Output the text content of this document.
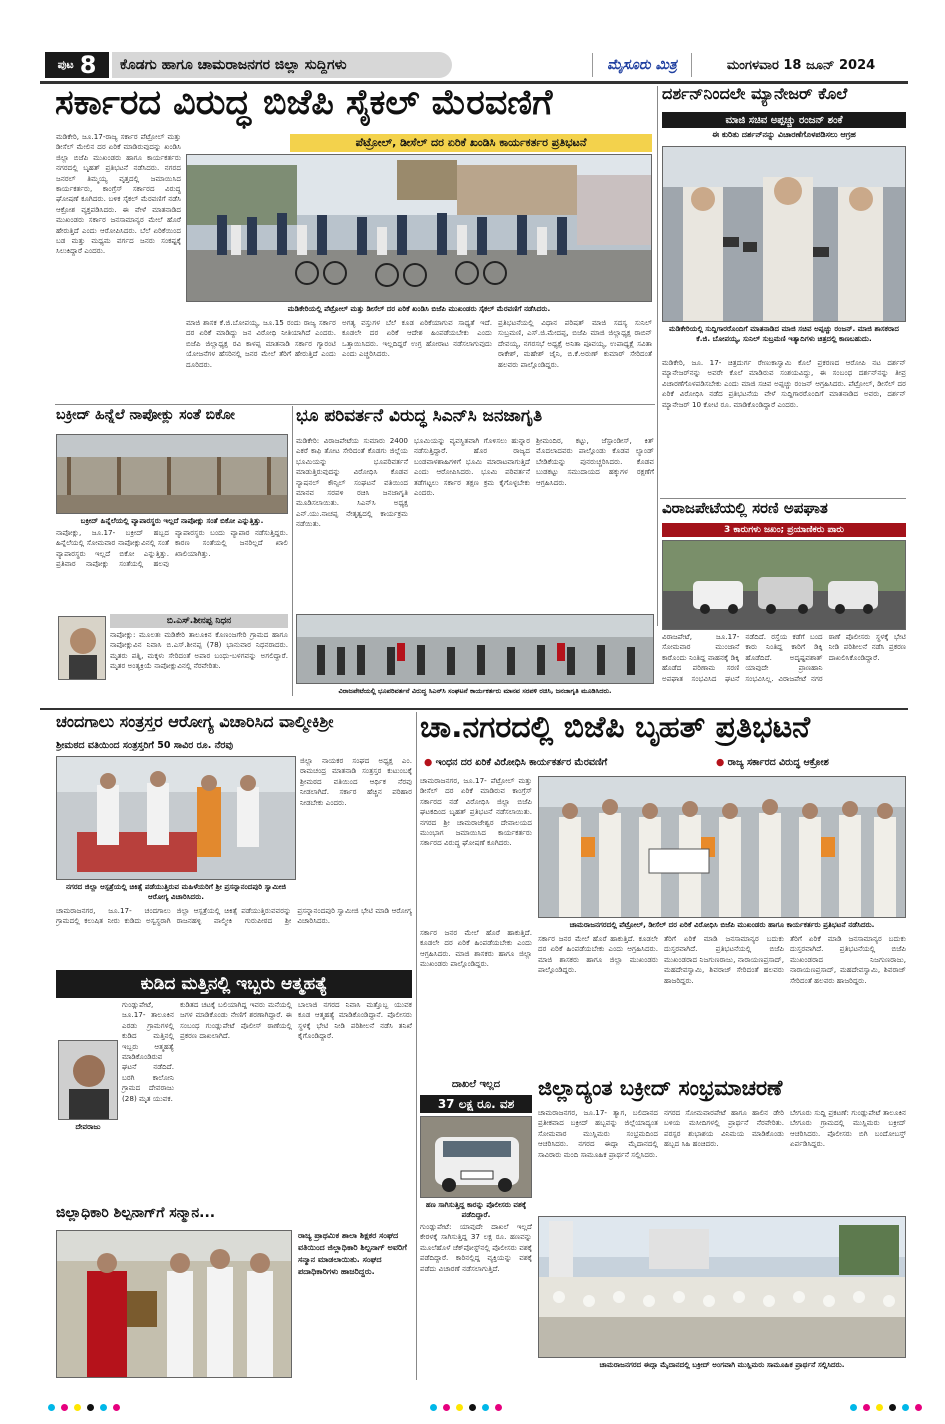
ಪುಟ 8	ಕೊಡಗು ಹಾಗೂ ಚಾಮರಾಜನಗರ ಜಿಲ್ಲಾ ಸುದ್ದಿಗಳು	ಮೈಸೂರು ಮಿತ್ರ	ಮಂಗಳವಾರ 18 ಜೂನ್ 2024
ಸರ್ಕಾರದ ವಿರುದ್ಧ ಬಿಜೆಪಿ ಸೈಕಲ್ ಮೆರವಣಿಗೆ
ಪೆಟ್ರೋಲ್, ಡೀಸೆಲ್ ದರ ಏರಿಕೆ ಖಂಡಿಸಿ ಕಾರ್ಯಕರ್ತರ ಪ್ರತಿಭಟನೆ
ಮಡಿಕೇರಿ, ಜೂ.17-ರಾಜ್ಯ ಸರ್ಕಾರ ಪೆಟ್ರೋಲ್ ಮತ್ತು ಡೀಸೆಲ್ ಮೇಲಿನ ದರ ಏರಿಕೆ ಮಾಡಿರುವುದನ್ನು ಖಂಡಿಸಿ ಜಿಲ್ಲಾ ಬಿಜೆಪಿ ಮುಖಂಡರು ಹಾಗೂ ಕಾರ್ಯಕರ್ತರು ನಗರದಲ್ಲಿ ಬೃಹತ್ ಪ್ರತಿಭಟನೆ ನಡೆಸಿದರು. ನಗರದ ಜನರಲ್ ತಿಮ್ಮಯ್ಯ ವೃತ್ತದಲ್ಲಿ ಜಮಾಯಿಸಿದ ಕಾರ್ಯಕರ್ತರು, ಕಾಂಗ್ರೆಸ್ ಸರ್ಕಾರದ ವಿರುದ್ಧ ಘೋಷಣೆ ಕೂಗಿದರು. ಬಳಿಕ ಸೈಕಲ್ ಮೆರವಣಿಗೆ ನಡೆಸಿ ಆಕ್ರೋಶ ವ್ಯಕ್ತಪಡಿಸಿದರು. ಈ ವೇಳೆ ಮಾತನಾಡಿದ ಮುಖಂಡರು ಸರ್ಕಾರ ಜನಸಾಮಾನ್ಯರ ಮೇಲೆ ಹೊರೆ ಹೇರುತ್ತಿದೆ ಎಂದು ಆರೋಪಿಸಿದರು. ಬೆಲೆ ಏರಿಕೆಯಿಂದ ಬಡ ಮತ್ತು ಮಧ್ಯಮ ವರ್ಗದ ಜನರು ಸಂಕಷ್ಟಕ್ಕೆ ಸಿಲುಕಿದ್ದಾರೆ ಎಂದರು.
ಮಡಿಕೇರಿಯಲ್ಲಿ ಪೆಟ್ರೋಲ್ ಮತ್ತು ಡೀಸೆಲ್ ದರ ಏರಿಕೆ ಖಂಡಿಸಿ ಬಿಜೆಪಿ ಮುಖಂಡರು ಸೈಕಲ್ ಮೆರವಣಿಗೆ ನಡೆಸಿದರು.
ಮಾಜಿ ಶಾಸಕ ಕೆ.ಜಿ.ಬೋಪಯ್ಯ, ಜೂ.15 ರಂದು ರಾಜ್ಯ ಸರ್ಕಾರ ದರ ಏರಿಕೆ ಮಾಡಿದ್ದು ಜನ ವಿರೋಧಿ ನೀತಿಯಾಗಿದೆ ಎಂದರು. ಬಿಜೆಪಿ ಜಿಲ್ಲಾಧ್ಯಕ್ಷ ರವಿ ಕಾಳಪ್ಪ ಮಾತನಾಡಿ ಸರ್ಕಾರ ಗ್ಯಾರಂಟಿ ಯೋಜನೆಗಳ ಹೆಸರಿನಲ್ಲಿ ಜನರ ಮೇಲೆ ತೆರಿಗೆ ಹೇರುತ್ತಿದೆ ಎಂದು ದೂರಿದರು.
ಅಗತ್ಯ ವಸ್ತುಗಳ ಬೆಲೆ ಕೂಡ ಏರಿಕೆಯಾಗುವ ಸಾಧ್ಯತೆ ಇದೆ. ಕೂಡಲೇ ದರ ಏರಿಕೆ ಆದೇಶ ಹಿಂಪಡೆಯಬೇಕು ಎಂದು ಒತ್ತಾಯಿಸಿದರು. ಇಲ್ಲದಿದ್ದರೆ ಉಗ್ರ ಹೋರಾಟ ನಡೆಸಲಾಗುವುದು ಎಂದು ಎಚ್ಚರಿಸಿದರು.
ಪ್ರತಿಭಟನೆಯಲ್ಲಿ ವಿಧಾನ ಪರಿಷತ್ ಮಾಜಿ ಸದಸ್ಯ ಸುನಿಲ್ ಸುಬ್ರಮಣಿ, ಎಸ್.ಜಿ.ಮೇದಪ್ಪ, ಬಿಜೆಪಿ ಮಾಜಿ ಜಿಲ್ಲಾಧ್ಯಕ್ಷ ರಾಬಿನ್ ದೇವಯ್ಯ, ನಗರಸಭೆ ಅಧ್ಯಕ್ಷೆ ಅನಿತಾ ಪೂವಯ್ಯ, ಉಪಾಧ್ಯಕ್ಷೆ ಸವಿತಾ ರಾಕೇಶ್, ಮಹೇಶ್ ಜೈನಿ, ಬಿ.ಕೆ.ಅರುಣ್ ಕುಮಾರ್ ಸೇರಿದಂತೆ ಹಲವರು ಪಾಲ್ಗೊಂಡಿದ್ದರು.
ದರ್ಶನ್‌ನಿಂದಲೇ ಮ್ಯಾನೇಜರ್ ಕೊಲೆ
ಮಾಜಿ ಸಚಿವ ಅಪ್ಪಚ್ಚು ರಂಜನ್ ಶಂಕೆ
ಈ ಕುರಿತು ದರ್ಶನ್‌ನನ್ನು ವಿಚಾರಣೆಗೊಳಪಡಿಸಲು ಆಗ್ರಹ
ಮಡಿಕೇರಿಯಲ್ಲಿ ಸುದ್ದಿಗಾರರೊಂದಿಗೆ ಮಾತನಾಡಿದ ಮಾಜಿ ಸಚಿವ ಅಪ್ಪಚ್ಚು ರಂಜನ್. ಮಾಜಿ ಶಾಸಕರಾದ ಕೆ.ಜಿ. ಬೋಪಯ್ಯ, ಸುನಿಲ್ ಸುಬ್ರಮಣಿ ಇತ್ಯಾದಿಗಳು ಚಿತ್ರದಲ್ಲಿ ಕಾಣಬಹುದು.
ಮಡಿಕೇರಿ, ಜೂ. 17- ಚಿತ್ರದುರ್ಗ ರೇಣುಕಾಸ್ವಾಮಿ ಕೊಲೆ ಪ್ರಕರಣದ ಆರೋಪಿ ನಟ ದರ್ಶನ್ ಮ್ಯಾನೇಜರ್‌ನನ್ನು ಅವರೇ ಕೊಲೆ ಮಾಡಿರುವ ಸಂಶಯವಿದ್ದು, ಈ ಸಂಬಂಧ ದರ್ಶನ್‌ನನ್ನು ತೀವ್ರ ವಿಚಾರಣೆಗೊಳಪಡಿಸಬೇಕು ಎಂದು ಮಾಜಿ ಸಚಿವ ಅಪ್ಪಚ್ಚು ರಂಜನ್ ಆಗ್ರಹಿಸಿದರು. ಪೆಟ್ರೋಲ್, ಡೀಸೆಲ್ ದರ ಏರಿಕೆ ವಿರೋಧಿಸಿ ನಡೆದ ಪ್ರತಿಭಟನೆಯ ವೇಳೆ ಸುದ್ದಿಗಾರರೊಂದಿಗೆ ಮಾತನಾಡಿದ ಅವರು, ದರ್ಶನ್ ಮ್ಯಾನೇಜರ್ 10 ಕೋಟಿ ರೂ. ಮಾಡಿಕೊಂಡಿದ್ದಾರೆ ಎಂದರು.
ವಿರಾಜಪೇಟೆಯಲ್ಲಿ ಸರಣಿ ಅಪಘಾತ
3 ಕಾರುಗಳು ಜಖಂ; ಪ್ರಯಾಣಿಕರು ಪಾರು
ವಿರಾಜಪೇಟೆ, ಜೂ.17- ಸೋಮವಾರ ಮುಂಜಾನೆ ಕಾರೊಂದು ನಿಂತಿದ್ದ ವಾಹನಕ್ಕೆ ಡಿಕ್ಕಿ ಹೊಡೆದ ಪರಿಣಾಮ ಸರಣಿ ಅಪಘಾತ ಸಂಭವಿಸಿದ ಘಟನೆ ನಡೆದಿದೆ. ರಸ್ತೆಯ ಕಡೆಗೆ ಬಂದ ಕಾರು ನಿಂತಿದ್ದ ಕಾರಿಗೆ ಡಿಕ್ಕಿ ಹೊಡೆದಿದೆ. ಅದೃಷ್ಟವಶಾತ್ ಯಾವುದೇ ಪ್ರಾಣಹಾನಿ ಸಂಭವಿಸಿಲ್ಲ. ವಿರಾಜಪೇಟೆ ನಗರ ಠಾಣೆ ಪೊಲೀಸರು ಸ್ಥಳಕ್ಕೆ ಭೇಟಿ ನೀಡಿ ಪರಿಶೀಲನೆ ನಡೆಸಿ ಪ್ರಕರಣ ದಾಖಲಿಸಿಕೊಂಡಿದ್ದಾರೆ.
ಬಕ್ರೀದ್ ಹಿನ್ನೆಲೆ ನಾಪೋಕ್ಲು ಸಂತೆ ಬಿಕೋ
ಬಕ್ರೀದ್ ಹಿನ್ನೆಲೆಯಲ್ಲಿ ವ್ಯಾಪಾರಸ್ಥರು ಇಲ್ಲದೆ ನಾಪೋಕ್ಲು ಸಂತೆ ಬಿಕೋ ಎನ್ನುತ್ತಿತ್ತು.
ನಾಪೋಕ್ಲು, ಜೂ.17- ಬಕ್ರೀದ್ ಹಬ್ಬದ ಹಿನ್ನೆಲೆಯಲ್ಲಿ ಸೋಮವಾರ ನಾಪೋಕ್ಲುವಿನಲ್ಲಿ ಸಂತೆ ವ್ಯಾಪಾರಸ್ಥರು ಇಲ್ಲದೆ ಬಿಕೋ ಎನ್ನುತ್ತಿತ್ತು. ಪ್ರತಿವಾರ ನಾಪೋಕ್ಲು ಸಂತೆಯಲ್ಲಿ ಹಲವು ವ್ಯಾಪಾರಸ್ಥರು ಬಂದು ವ್ಯಾಪಾರ ನಡೆಸುತ್ತಿದ್ದರು. ಕಾರಣ ಸಂತೆಯಲ್ಲಿ ಜನರಿಲ್ಲದೆ ಖಾಲಿ ಖಾಲಿಯಾಗಿತ್ತು.
ಬಿ.ಎಸ್.ಶೀನಪ್ಪ ನಿಧನ
ನಾಪೋಕ್ಲು: ಮೂಲತಃ ಮಡಿಕೇರಿ ತಾಲೂಕಿನ ಕೊಣಂಜಗೇರಿ ಗ್ರಾಮದ ಹಾಗೂ ನಾಪೋಕ್ಲುವಿನ ನಿವಾಸಿ ಬಿ.ಎಸ್.ಶೀನಪ್ಪ (78) ಭಾನುವಾರ ನಿಧನರಾದರು. ಮೃತರು ಪತ್ನಿ, ಮಕ್ಕಳು ಸೇರಿದಂತೆ ಅಪಾರ ಬಂಧು-ಬಳಗವನ್ನು ಅಗಲಿದ್ದಾರೆ. ಮೃತರ ಅಂತ್ಯಕ್ರಿಯೆ ನಾಪೋಕ್ಲುವಿನಲ್ಲಿ ನೆರವೇರಿತು.
ಭೂ ಪರಿವರ್ತನೆ ವಿರುದ್ಧ ಸಿಎನ್‌ಸಿ ಜನಜಾಗೃತಿ
ಮಡಿಕೇರಿ: ವಿರಾಜಪೇಟೆಯ ಸುಮಾರು 2400 ಎಕರೆ ಕಾಫಿ ತೋಟ ಸೇರಿದಂತೆ ಕೊಡಗು ಜಿಲ್ಲೆಯ ಭೂಮಿಯನ್ನು ಭೂಪರಿವರ್ತನೆ ಮಾಡುತ್ತಿರುವುದನ್ನು ವಿರೋಧಿಸಿ ಕೊಡವ ನ್ಯಾಷನಲ್ ಕೌನ್ಸಿಲ್ ಸಂಘಟನೆ ವತಿಯಿಂದ ಮಾನವ ಸರಪಳಿ ರಚಿಸಿ ಜನಜಾಗೃತಿ ಮೂಡಿಸಲಾಯಿತು. ಸಿಎನ್‌ಸಿ ಅಧ್ಯಕ್ಷ ಎನ್.ಯು.ನಾಚಪ್ಪ ನೇತೃತ್ವದಲ್ಲಿ ಕಾರ್ಯಕ್ರಮ ನಡೆಯಿತು.
ಭೂಮಿಯನ್ನು ವ್ಯವಸ್ಥಿತವಾಗಿ ಗೊಳಿಸಲು ಹುನ್ನಾರ ನಡೆಸುತ್ತಿದ್ದಾರೆ. ಹೊರ ರಾಜ್ಯದ ಬಂಡವಾಳಶಾಹಿಗಳಿಗೆ ಭೂಮಿ ಮಾರಾಟವಾಗುತ್ತಿದೆ ಎಂದು ಆರೋಪಿಸಿದರು. ಭೂಮಿ ಪರಿವರ್ತನೆ ತಡೆಗಟ್ಟಲು ಸರ್ಕಾರ ತಕ್ಷಣ ಕ್ರಮ ಕೈಗೊಳ್ಳಬೇಕು ಎಂದರು.
ಶ್ರೀಮಂದಿರ, ಕಟ್ಟು, ಜೆಸ್ಪಾಂಡೀಸ್, ಕಿತ್ ಮೊದಲಾದವರು ಪಾಲ್ಗೊಂಡು ಕೊಡವ ಲ್ಯಾಂಡ್ ಬೇಡಿಕೆಯನ್ನು ಪುನರುಚ್ಚರಿಸಿದರು. ಕೊಡವ ಬುಡಕಟ್ಟು ಸಮುದಾಯದ ಹಕ್ಕುಗಳ ರಕ್ಷಣೆಗೆ ಆಗ್ರಹಿಸಿದರು.
ವಿರಾಜಪೇಟೆಯಲ್ಲಿ ಭೂಪರಿವರ್ತನೆ ವಿರುದ್ಧ ಸಿಎನ್‌ಸಿ ಸಂಘಟನೆ ಕಾರ್ಯಕರ್ತರು ಮಾನವ ಸರಪಳಿ ರಚಿಸಿ, ಜನಜಾಗೃತಿ ಮೂಡಿಸಿದರು.
ಚಂದಗಾಲು ಸಂತ್ರಸ್ತರ ಆರೋಗ್ಯ ವಿಚಾರಿಸಿದ ವಾಲ್ಮೀಕಿಶ್ರೀ
ಶ್ರೀಮಠದ ವತಿಯಿಂದ ಸಂತ್ರಸ್ತರಿಗೆ 50 ಸಾವಿರ ರೂ. ನೆರವು
ನಗರದ ಜಿಲ್ಲಾ ಆಸ್ಪತ್ರೆಯಲ್ಲಿ ಚಿಕಿತ್ಸೆ ಪಡೆಯುತ್ತಿರುವ ಮಹಿಳೆಯರಿಗೆ ಶ್ರೀ ಪ್ರಸನ್ನಾನಂದಪುರಿ ಸ್ವಾಮೀಜಿ ಆರೋಗ್ಯ ವಿಚಾರಿಸಿದರು.
ಚಾಮರಾಜನಗರ, ಜೂ.17- ಚಂದಗಾಲು ಗ್ರಾಮದಲ್ಲಿ ಕಲುಷಿತ ನೀರು ಕುಡಿದು ಅಸ್ವಸ್ಥರಾಗಿ ಜಿಲ್ಲಾ ಆಸ್ಪತ್ರೆಯಲ್ಲಿ ಚಿಕಿತ್ಸೆ ಪಡೆಯುತ್ತಿರುವವರನ್ನು ರಾಜನಹಳ್ಳಿ ವಾಲ್ಮೀಕಿ ಗುರುಪೀಠದ ಶ್ರೀ ಪ್ರಸನ್ನಾನಂದಪುರಿ ಸ್ವಾಮೀಜಿ ಭೇಟಿ ಮಾಡಿ ಆರೋಗ್ಯ ವಿಚಾರಿಸಿದರು.
ಜಿಲ್ಲಾ ನಾಯಕರ ಸಂಘದ ಅಧ್ಯಕ್ಷ ಎಂ. ರಾಮಚಂದ್ರ ಮಾತನಾಡಿ ಸಂತ್ರಸ್ತರ ಕುಟುಂಬಕ್ಕೆ ಶ್ರೀಮಠದ ವತಿಯಿಂದ ಆರ್ಥಿಕ ನೆರವು ನೀಡಲಾಗಿದೆ. ಸರ್ಕಾರ ಹೆಚ್ಚಿನ ಪರಿಹಾರ ನೀಡಬೇಕು ಎಂದರು.
ಚಾ.ನಗರದಲ್ಲಿ ಬಿಜೆಪಿ ಬೃಹತ್ ಪ್ರತಿಭಟನೆ
● ಇಂಧನ ದರ ಏರಿಕೆ ವಿರೋಧಿಸಿ ಕಾರ್ಯಕರ್ತರ ಮೆರವಣಿಗೆ	● ರಾಜ್ಯ ಸರ್ಕಾರದ ವಿರುದ್ಧ ಆಕ್ರೋಶ
ಚಾಮರಾಜನಗರ, ಜೂ.17- ಪೆಟ್ರೋಲ್ ಮತ್ತು ಡೀಸೆಲ್ ದರ ಏರಿಕೆ ಮಾಡಿರುವ ಕಾಂಗ್ರೆಸ್ ಸರ್ಕಾರದ ನಡೆ ವಿರೋಧಿಸಿ ಜಿಲ್ಲಾ ಬಿಜೆಪಿ ಘಟಕದಿಂದ ಬೃಹತ್ ಪ್ರತಿಭಟನೆ ನಡೆಸಲಾಯಿತು. ನಗರದ ಶ್ರೀ ಚಾಮರಾಜೇಶ್ವರ ದೇವಾಲಯದ ಮುಂಭಾಗ ಜಮಾಯಿಸಿದ ಕಾರ್ಯಕರ್ತರು ಸರ್ಕಾರದ ವಿರುದ್ಧ ಘೋಷಣೆ ಕೂಗಿದರು.
ಚಾಮರಾಜನಗರದಲ್ಲಿ ಪೆಟ್ರೋಲ್, ಡೀಸೆಲ್ ದರ ಏರಿಕೆ ವಿರೋಧಿಸಿ ಬಿಜೆಪಿ ಮುಖಂಡರು ಹಾಗೂ ಕಾರ್ಯಕರ್ತರು ಪ್ರತಿಭಟನೆ ನಡೆಸಿದರು.
ಸರ್ಕಾರ ಜನರ ಮೇಲೆ ಹೊರೆ ಹಾಕುತ್ತಿದೆ. ಕೂಡಲೇ ದರ ಏರಿಕೆ ಹಿಂಪಡೆಯಬೇಕು ಎಂದು ಆಗ್ರಹಿಸಿದರು. ಮಾಜಿ ಶಾಸಕರು ಹಾಗೂ ಜಿಲ್ಲಾ ಮುಖಂಡರು ಪಾಲ್ಗೊಂಡಿದ್ದರು.
ಸರ್ಕಾರ ಜನರ ಮೇಲೆ ಹೊರೆ ಹಾಕುತ್ತಿದೆ. ಕೂಡಲೇ ದರ ಏರಿಕೆ ಹಿಂಪಡೆಯಬೇಕು ಎಂದು ಆಗ್ರಹಿಸಿದರು. ಮಾಜಿ ಶಾಸಕರು ಹಾಗೂ ಜಿಲ್ಲಾ ಮುಖಂಡರು ಪಾಲ್ಗೊಂಡಿದ್ದರು.
ತೆರಿಗೆ ಏರಿಕೆ ಮಾಡಿ ಜನಸಾಮಾನ್ಯರ ಬದುಕು ದುಸ್ತರವಾಗಿದೆ. ಪ್ರತಿಭಟನೆಯಲ್ಲಿ ಬಿಜೆಪಿ ಮುಖಂಡರಾದ ನಿಜಗುಣರಾಜು, ನಾರಾಯಣಪ್ರಸಾದ್, ಮಹದೇವಸ್ವಾಮಿ, ಶಿವರಾಜ್ ಸೇರಿದಂತೆ ಹಲವರು ಹಾಜರಿದ್ದರು.
ತೆರಿಗೆ ಏರಿಕೆ ಮಾಡಿ ಜನಸಾಮಾನ್ಯರ ಬದುಕು ದುಸ್ತರವಾಗಿದೆ. ಪ್ರತಿಭಟನೆಯಲ್ಲಿ ಬಿಜೆಪಿ ಮುಖಂಡರಾದ ನಿಜಗುಣರಾಜು, ನಾರಾಯಣಪ್ರಸಾದ್, ಮಹದೇವಸ್ವಾಮಿ, ಶಿವರಾಜ್ ಸೇರಿದಂತೆ ಹಲವರು ಹಾಜರಿದ್ದರು.
ಕುಡಿದ ಮತ್ತಿನಲ್ಲಿ ಇಬ್ಬರು ಆತ್ಮಹತ್ಯೆ
ದೇವರಾಜು
ಗುಂಡ್ಲುಪೇಟೆ, ಜೂ.17- ತಾಲೂಕಿನ ಎರಡು ಗ್ರಾಮಗಳಲ್ಲಿ ಕುಡಿದ ಮತ್ತಿನಲ್ಲಿ ಇಬ್ಬರು ಆತ್ಮಹತ್ಯೆ ಮಾಡಿಕೊಂಡಿರುವ ಘಟನೆ ನಡೆದಿದೆ. ಬರಗಿ ಕಾಲೋನಿ ಗ್ರಾಮದ ದೇವರಾಜು (28) ಮೃತ ಯುವಕ.
ಕುಡಿತದ ಚಟಕ್ಕೆ ಬಲಿಯಾಗಿದ್ದ ಇವರು ಮನೆಯಲ್ಲಿ ಜಗಳ ಮಾಡಿಕೊಂಡು ನೇಣಿಗೆ ಶರಣಾಗಿದ್ದಾರೆ. ಈ ಸಂಬಂಧ ಗುಂಡ್ಲುಪೇಟೆ ಪೊಲೀಸ್ ಠಾಣೆಯಲ್ಲಿ ಪ್ರಕರಣ ದಾಖಲಾಗಿದೆ.
ಬಾಲಾಜಿ ನಗರದ ನಿವಾಸಿ ಮತ್ತೊಬ್ಬ ಯುವಕ ಕೂಡ ಆತ್ಮಹತ್ಯೆ ಮಾಡಿಕೊಂಡಿದ್ದಾನೆ. ಪೊಲೀಸರು ಸ್ಥಳಕ್ಕೆ ಭೇಟಿ ನೀಡಿ ಪರಿಶೀಲನೆ ನಡೆಸಿ ತನಿಖೆ ಕೈಗೊಂಡಿದ್ದಾರೆ.
ಜಿಲ್ಲಾಧಿಕಾರಿ ಶಿಲ್ಪನಾಗ್‌ಗೆ ಸನ್ಮಾನ...
ರಾಜ್ಯ ಪ್ರಾಥಮಿಕ ಶಾಲಾ ಶಿಕ್ಷಕರ ಸಂಘದ ವತಿಯಿಂದ ಜಿಲ್ಲಾಧಿಕಾರಿ ಶಿಲ್ಪನಾಗ್ ಅವರಿಗೆ ಸನ್ಮಾನ ಮಾಡಲಾಯಿತು. ಸಂಘದ ಪದಾಧಿಕಾರಿಗಳು ಹಾಜರಿದ್ದರು.
ದಾಖಲೆ ಇಲ್ಲದ
37 ಲಕ್ಷ ರೂ. ವಶ
ಹಣ ಸಾಗಿಸುತ್ತಿದ್ದ ಕಾರನ್ನು ಪೊಲೀಸರು ವಶಕ್ಕೆ ಪಡೆದಿದ್ದಾರೆ.
ಗುಂಡ್ಲುಪೇಟೆ: ಯಾವುದೇ ದಾಖಲೆ ಇಲ್ಲದೆ ಕೇರಳಕ್ಕೆ ಸಾಗಿಸುತ್ತಿದ್ದ 37 ಲಕ್ಷ ರೂ. ಹಣವನ್ನು ಮೂಲೆಹೊಳೆ ಚೆಕ್‌ಪೋಸ್ಟ್‌ನಲ್ಲಿ ಪೊಲೀಸರು ವಶಕ್ಕೆ ಪಡೆದಿದ್ದಾರೆ. ಕಾರಿನಲ್ಲಿದ್ದ ವ್ಯಕ್ತಿಯನ್ನು ವಶಕ್ಕೆ ಪಡೆದು ವಿಚಾರಣೆ ನಡೆಸಲಾಗುತ್ತಿದೆ.
ಜಿಲ್ಲಾದ್ಯಂತ ಬಕ್ರೀದ್ ಸಂಭ್ರಮಾಚರಣೆ
ಚಾಮರಾಜನಗರ, ಜೂ.17- ತ್ಯಾಗ, ಬಲಿದಾನದ ಪ್ರತೀಕವಾದ ಬಕ್ರೀದ್ ಹಬ್ಬವನ್ನು ಜಿಲ್ಲೆಯಾದ್ಯಂತ ಸೋಮವಾರ ಮುಸ್ಲಿಮರು ಸಂಭ್ರಮದಿಂದ ಆಚರಿಸಿದರು. ನಗರದ ಈದ್ಗಾ ಮೈದಾನದಲ್ಲಿ ಸಾವಿರಾರು ಮಂದಿ ಸಾಮೂಹಿಕ ಪ್ರಾರ್ಥನೆ ಸಲ್ಲಿಸಿದರು.
ನಗರದ ಸೋಮವಾರಪೇಟೆ ಹಾಗೂ ಹಾಲಿನ ಡೇರಿ ಬಳಿಯ ಮಸೀದಿಗಳಲ್ಲಿ ಪ್ರಾರ್ಥನೆ ನೆರವೇರಿತು. ಪರಸ್ಪರ ಶುಭಾಶಯ ವಿನಿಮಯ ಮಾಡಿಕೊಂಡು ಹಬ್ಬದ ಸಿಹಿ ಹಂಚಿದರು.
ಬೇಗೂರು ಸುದ್ದಿ ಪ್ರಕಟಣೆ: ಗುಂಡ್ಲುಪೇಟೆ ತಾಲೂಕಿನ ಬೇಗೂರು ಗ್ರಾಮದಲ್ಲಿ ಮುಸ್ಲಿಮರು ಬಕ್ರೀದ್ ಆಚರಿಸಿದರು. ಪೊಲೀಸರು ಬಿಗಿ ಬಂದೋಬಸ್ತ್ ಏರ್ಪಡಿಸಿದ್ದರು.
ಚಾಮರಾಜನಗರದ ಈದ್ಗಾ ಮೈದಾನದಲ್ಲಿ ಬಕ್ರೀದ್ ಅಂಗವಾಗಿ ಮುಸ್ಲಿಮರು ಸಾಮೂಹಿಕ ಪ್ರಾರ್ಥನೆ ಸಲ್ಲಿಸಿದರು.
